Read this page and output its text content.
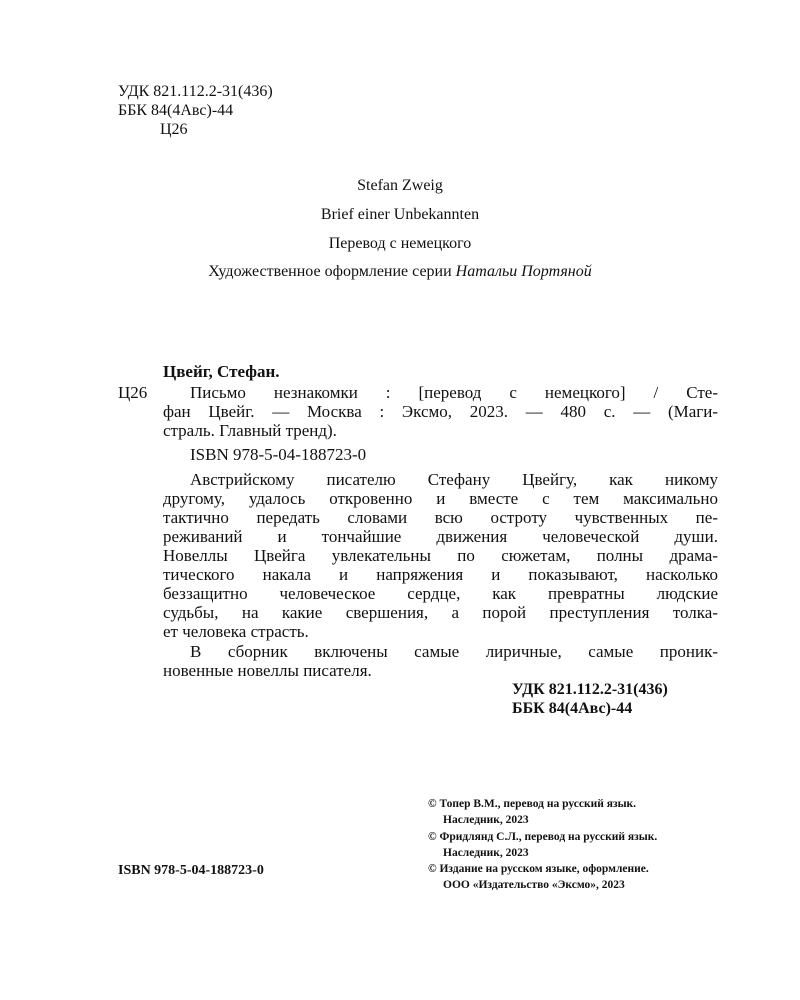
УДК 821.112.2-31(436)
ББК 84(4Авс)-44
Ц26
Stefan Zweig
Brief einer Unbekannten
Перевод с немецкого
Художественное оформление серии Натальи Портяной
Цвейг, Стефан.
Ц26	Письмо незнакомки : [перевод с немецкого] / Сте-
фан Цвейг. — Москва : Эксмо, 2023. — 480 с. — (Маги-
страль. Главный тренд).
ISBN 978-5-04-188723-0
Австрийскому писателю Стефану Цвейгу, как никому
другому, удалось откровенно и вместе с тем максимально
тактично передать словами всю остроту чувственных пе-
реживаний и тончайшие движения человеческой души.
Новеллы Цвейга увлекательны по сюжетам, полны драма-
тического накала и напряжения и показывают, насколько
беззащитно человеческое сердце, как превратны людские
судьбы, на какие свершения, а порой преступления толка-
ет человека страсть.
В сборник включены самые лиричные, самые проник-
новенные новеллы писателя.
УДК 821.112.2-31(436)
ББК 84(4Авс)-44
© Топер В.М., перевод на русский язык.
Наследник, 2023
© Фридлянд С.Л., перевод на русский язык.
Наследник, 2023
© Издание на русском языке, оформление.
ООО «Издательство «Эксмо», 2023
ISBN 978-5-04-188723-0
